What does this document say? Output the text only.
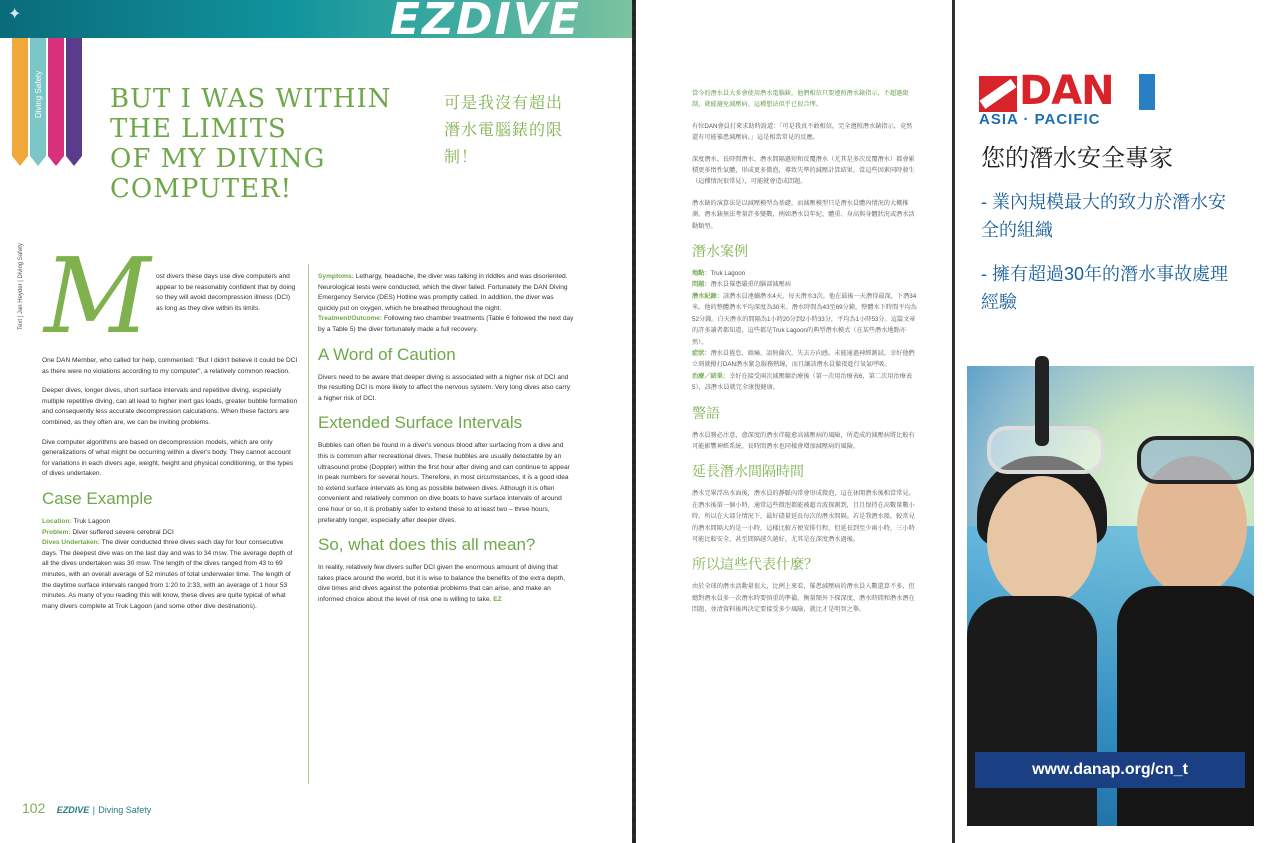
✦	EZDIVE
Diving Safety
Text | Jan Heyder | Diving Safety
BUT I WAS WITHIN
THE LIMITS
OF MY DIVING COMPUTER!
可是我沒有超出
潛水電腦錶的限制！
M ost divers these days use dive computers and appear to be reasonably confident that by doing so they will avoid decompression illness (DCI) as long as they dive within its limits.

One DAN Member, who called for help, commented: "But I didn't believe it could be DCI as there were no violations according to my computer", a relatively common reaction.

Deeper dives, longer dives, short surface intervals and repetitive diving, especially multiple repetitive diving, can all lead to higher inert gas loads, greater bubble formation and consequently less accurate decompression calculations. When these factors are combined, as they often are, we can be inviting problems.

Dive computer algorithms are based on decompression models, which are only generalizations of what might be occurring within a diver's body. They cannot account for variations in each divers age, weight, height and physical conditioning, or the types of dives undertaken.

Case Example
Location: Truk Lagoon
Problem: Diver suffered severe cerebral DCI
Dives Undertaken: The diver conducted three dives each day for four consecutive days. The deepest dive was on the last day and was to 34 msw. The average depth of all the dives undertaken was 30 msw. The length of the dives ranged from 43 to 69 minutes, with an overall average of 52 minutes of total underwater time. The length of the daytime surface intervals ranged from 1:20 to 2:33, with an average of 1 hour 53 minutes. As many of you reading this will know, these dives are quite typical of what many divers complete at Truk Lagoon (and some other dive destinations).

Symptoms: Lethargy, headache, the diver was talking in riddles and was disoriented. Neurological tests were conducted, which the diver failed. Fortunately the DAN Diving Emergency Service (DES) Hotline was promptly called. In addition, the diver was quickly put on oxygen, which he breathed throughout the night.
Treatment/Outcome: Following two chamber treatments (Table 6 followed the next day by a Table 5) the diver fortunately made a full recovery.

A Word of Caution

Divers need to be aware that deeper diving is associated with a higher risk of DCI and the resulting DCI is more likely to affect the nervous system. Very long dives also carry a higher risk of DCI.

Extended Surface Intervals

Bubbles can often be found in a diver's venous blood after surfacing from a dive and this is common after recreational dives. These bubbles are usually detectable by an ultrasound probe (Doppler) within the first hour after diving and can continue to appear in peak numbers for several hours. Therefore, in most circumstances, it is a good idea to extend surface intervals as long as possible between dives. Although it is often convenient and relatively common on dive boats to have surface intervals of around one hour or so, it is probably safer to extend these to at least two – three hours, preferably longer, especially after deeper dives.

So, what does this all mean?

In reality, relatively few divers suffer DCI given the enormous amount of diving that takes place around the world, but it is wise to balance the benefits of the extra depth, dive times and dives against the potential problems that can arise, and make an informed choice about the level of risk one is willing to take. EZ

102 EZDIVE | Diving Safety

當今的潛水員大多會使用潛水電腦錶，他們相信只要遵照潛水錶指示，不超過限制，就能避免減壓病。這種想法似乎已很合理。

有位DAN會員打來求助時說道：「可是我真不敢相信，完全遵照潛水錶指示，竟然還有可能罹患減壓病。」這是相當常見的反應。

深度潛水、長時間潛水、潛水間隔過短和反覆潛水（尤其是多次反覆潛水）都會累積更多惰性氣體，形成更多微泡，導致失準的減壓計算結果。當這些因素同時發生（這種情況很常見），可能就會造成問題。

潛水錶的演算法是以減壓模型為基礎，而減壓模型只是潛水員體內情況的大概推測。潛水錶無法考量許多變數，例如潛水員年紀、體重、身高與身體狀況或潛水活動類型。

潛水案例
地點：Truk Lagoon
問題：潛水員罹患嚴重的腦部減壓病
潛水紀錄：該潛水員連續潛水4天，每天潛水3次。他在最後一天潛得最深，下潛34米。他的整體潛水平均深度為30米。潛水時間為43至69分鐘，整體水下時間平均為52分鐘。白天潛水的間隔為1小時20分到2小時33分，平均為1小時53分。這篇文章的許多讀者都知道，這些都是Truk Lagoon的典型潛水模式（在某些潛水地點亦然）。
症狀：潛水員倦怠、頭痛、語無倫次，失去方向感。未能通過神經測試。幸好他們立刻就撥打DAN潛水緊急服務熱線，而且讓該潛水員徹夜進行氧氣呼吸。

治療／結果：幸好在接受兩次減壓艙治療後（第一次用治療表6，第二次用治療表5），該潛水員就完全康復健康。

警語

潛水員務必注意，愈深度的潛水伴隨愈高減壓病的風險，所造成的減壓病將比較有可能影響神經系統。長時間潛水也同樣會增加減壓病的風險。

延長潛水間隔時間

潛水完畢浮出水面後，潛水員的靜脈內常會形成微泡，這在休閒潛水後相當常見。在潛水後第一個小時，通常這些微泡都能被超音波探測到，且且保持在高數量數小時。所以在大部分情況下，最好儘量延長每次的潛水間隔。若是我潛水船，較常見的潛水間隔大約是一小時，這樣比較方便安排行程，但延長到至少兩小時，三小時可能比較安全，甚至間隔越久越好，尤其是在深度潛水過後。

所以這些代表什麼？

由於全球的潛水活動量很大，比例上來看，罹患減壓病的潛水員人數還算不多，但總對潛水員多一次潛水時要慎重的準備。衡量額外下探深度、潛水時間和潛水潛在問題，並清資料後再決定要接受多少風險，就比才是明智之舉。

DAN
ASIA · PACIFIC
您的潛水安全專家
- 業內規模最大的致力於潛水安全的組織
- 擁有超過30年的潛水事故處理經驗
www.danap.org/cn_t
